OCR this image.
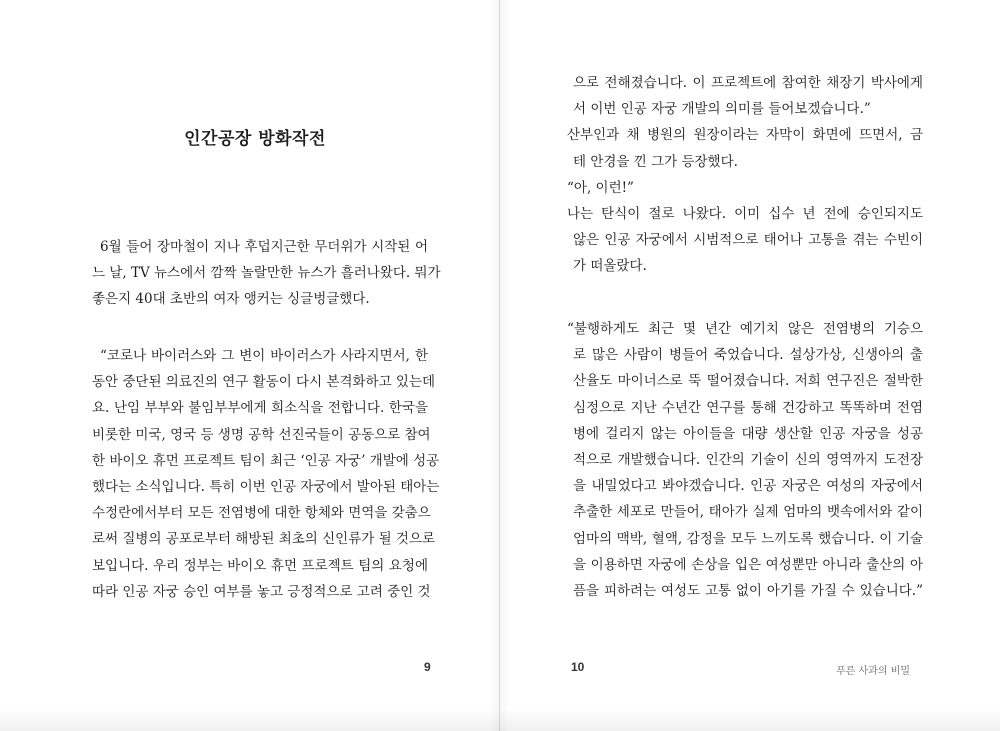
인간공장 방화작전
6월 들어 장마철이 지나 후덥지근한 무더위가 시작된 어
느 날, TV 뉴스에서 깜짝 놀랄만한 뉴스가 흘러나왔다. 뭐가
좋은지 40대 초반의 여자 앵커는 싱글벙글했다.
“코로나 바이러스와 그 변이 바이러스가 사라지면서, 한
동안 중단된 의료진의 연구 활동이 다시 본격화하고 있는데
요. 난임 부부와 불임부부에게 희소식을 전합니다. 한국을
비롯한 미국, 영국 등 생명 공학 선진국들이 공동으로 참여
한 바이오 휴먼 프로젝트 팀이 최근 ‘인공 자궁’ 개발에 성공
했다는 소식입니다. 특히 이번 인공 자궁에서 발아된 태아는
수정란에서부터 모든 전염병에 대한 항체와 면역을 갖춤으
로써 질병의 공포로부터 해방된 최초의 신인류가 될 것으로
보입니다. 우리 정부는 바이오 휴먼 프로젝트 팀의 요청에
따라 인공 자궁 승인 여부를 놓고 긍정적으로 고려 중인 것
9
으로 전해졌습니다. 이 프로젝트에 참여한 채장기 박사에게
서 이번 인공 자궁 개발의 의미를 들어보겠습니다.”
산부인과 채 병원의 원장이라는 자막이 화면에 뜨면서, 금
테 안경을 낀 그가 등장했다.
“아, 이런!”
나는 탄식이 절로 나왔다. 이미 십수 년 전에 승인되지도
않은 인공 자궁에서 시범적으로 태어나 고통을 겪는 수빈이
가 떠올랐다.
“불행하게도 최근 몇 년간 예기치 않은 전염병의 기승으
로 많은 사람이 병들어 죽었습니다. 설상가상, 신생아의 출
산율도 마이너스로 뚝 떨어졌습니다. 저희 연구진은 절박한
심정으로 지난 수년간 연구를 통해 건강하고 똑똑하며 전염
병에 걸리지 않는 아이들을 대량 생산할 인공 자궁을 성공
적으로 개발했습니다. 인간의 기술이 신의 영역까지 도전장
을 내밀었다고 봐야겠습니다. 인공 자궁은 여성의 자궁에서
추출한 세포로 만들어, 태아가 실제 엄마의 뱃속에서와 같이
엄마의 맥박, 혈액, 감정을 모두 느끼도록 했습니다. 이 기술
을 이용하면 자궁에 손상을 입은 여성뿐만 아니라 출산의 아
픔을 피하려는 여성도 고통 없이 아기를 가질 수 있습니다.”
10	푸른 사과의 비밀
